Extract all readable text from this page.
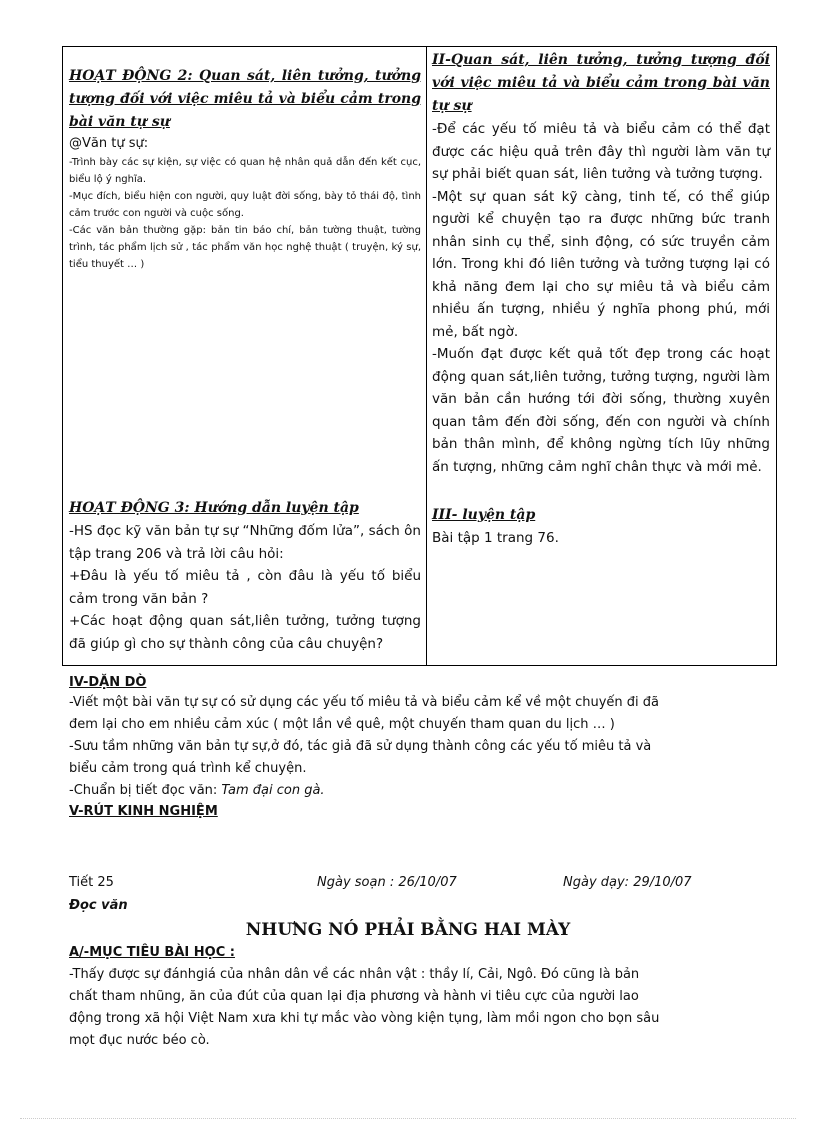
HOẠT ĐỘNG 2: Quan sát, liên tưởng, tưởng tượng đối với việc miêu tả và biểu cảm trong bài văn tự sự
@Văn tự sự:
-Trình bày các sự kiện, sự việc có quan hệ nhân quả dẫn đến kết cục, biểu lộ ý nghĩa.
-Mục đích, biểu hiện con người, quy luật đời sống, bày tỏ thái độ, tình cảm trước con người và cuộc sống.
-Các văn bản thường gặp: bản tin báo chí, bản tường thuật, tường trình, tác phẩm lịch sử , tác phẩm văn học nghệ thuật ( truyện, ký sự, tiểu thuyết … )
HOẠT ĐỘNG 3: Hướng dẫn luyện tập
-HS đọc kỹ văn bản tự sự “Những đốm lửa”, sách ôn tập trang 206 và trả lời câu hỏi:
+Đâu là yếu tố miêu tả , còn đâu là yếu tố biểu cảm trong văn bản ?
+Các hoạt động quan sát,liên tưởng, tưởng tượng đã giúp gì cho sự thành công của câu chuyện?
II-Quan sát, liên tưởng, tưởng tượng đối với việc miêu tả và biểu cảm trong bài văn tự sự
-Để các yếu tố miêu tả và biểu cảm có thể đạt được các hiệu quả trên đây thì người làm văn tự sự phải biết quan sát, liên tưởng và tưởng tượng.
-Một sự quan sát kỹ càng, tinh tế, có thể giúp người kể chuyện tạo ra được những bức tranh nhân sinh cụ thể, sinh động, có sức truyền cảm lớn. Trong khi đó liên tưởng và tưởng tượng lại có khả năng đem lại cho sự miêu tả và biểu cảm nhiều ấn tượng, nhiều ý nghĩa phong phú, mới mẻ, bất ngờ.
-Muốn đạt được kết quả tốt đẹp trong các hoạt động quan sát,liên tưởng, tưởng tượng, người làm văn bản cần hướng tới đời sống, thường xuyên quan tâm đến đời sống, đến con người và chính bản thân mình, để không ngừng tích lũy những ấn tượng, những cảm nghĩ chân thực và mới mẻ.
III- luyện tập
Bài tập 1 trang 76.
IV-DẶN DÒ
-Viết một bài văn tự sự có sử dụng các yếu tố miêu tả và biểu cảm kể về một chuyến đi đã
đem lại cho em nhiều cảm xúc ( một lần về quê, một chuyến tham quan du lịch … )
-Sưu tầm những văn bản tự sự,ở đó, tác giả đã sử dụng thành công các yếu tố miêu tả và
biểu cảm trong quá trình kể chuyện.
-Chuẩn bị tiết đọc văn: Tam đại con gà.
V-RÚT KINH NGHIỆM
Tiết 25	Ngày soạn : 26/10/07	Ngày dạy: 29/10/07
Đọc văn
NHƯNG NÓ PHẢI BẰNG HAI MÀY
A/-MỤC TIÊU BÀI HỌC :
-Thấy được sự đánhgiá của nhân dân về các nhân vật : thầy lí, Cải, Ngô. Đó cũng là bản
chất tham nhũng, ăn của đút của quan lại địa phương và hành vi tiêu cực của người lao
động trong xã hội Việt Nam xưa khi tự mắc vào vòng kiện tụng, làm mồi ngon cho bọn sâu
mọt đục nước béo cò.
